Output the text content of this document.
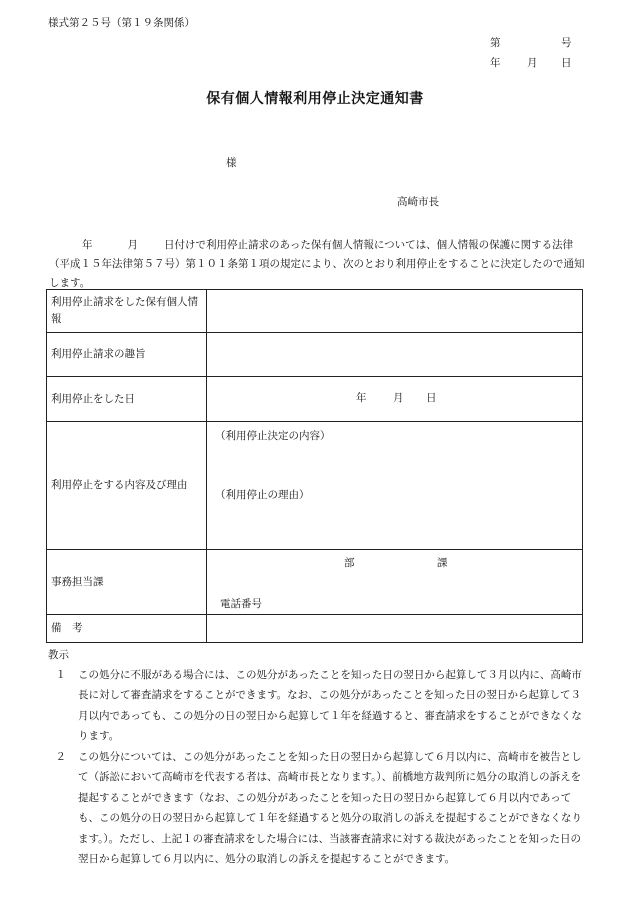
様式第２５号（第１９条関係）
第	号
年	月 日
保有個人情報利用停止決定通知書
様
高崎市長
年	月 日付けで利用停止請求のあった保有個人情報については、個人情報の保護に関する法律（平成１５年法律第５７号）第１０１条第１項の規定により、次のとおり利用停止をすることに決定したので通知します。
利用停止請求をした保有個人情報	
利用停止請求の趣旨	
利用停止をした日	年 月 日

利用停止をする内容及び理由	（利用停止決定の内容）
（利用停止の理由）

事務担当課	部 課
電話番号

備　考	
教示
１	この処分に不服がある場合には、この処分があったことを知った日の翌日から起算して３月以内に、高崎市長に対して審査請求をすることができます。なお、この処分があったことを知った日の翌日から起算して３月以内であっても、この処分の日の翌日から起算して１年を経過すると、審査請求をすることができなくなります。
２	この処分については、この処分があったことを知った日の翌日から起算して６月以内に、高崎市を被告として（訴訟において高崎市を代表する者は、高崎市長となります。）、前橋地方裁判所に処分の取消しの訴えを提起することができます（なお、この処分があったことを知った日の翌日から起算して６月以内であっても、この処分の日の翌日から起算して１年を経過すると処分の取消しの訴えを提起することができなくなります。）。ただし、上記１の審査請求をした場合には、当該審査請求に対する裁決があったことを知った日の翌日から起算して６月以内に、処分の取消しの訴えを提起することができます。
